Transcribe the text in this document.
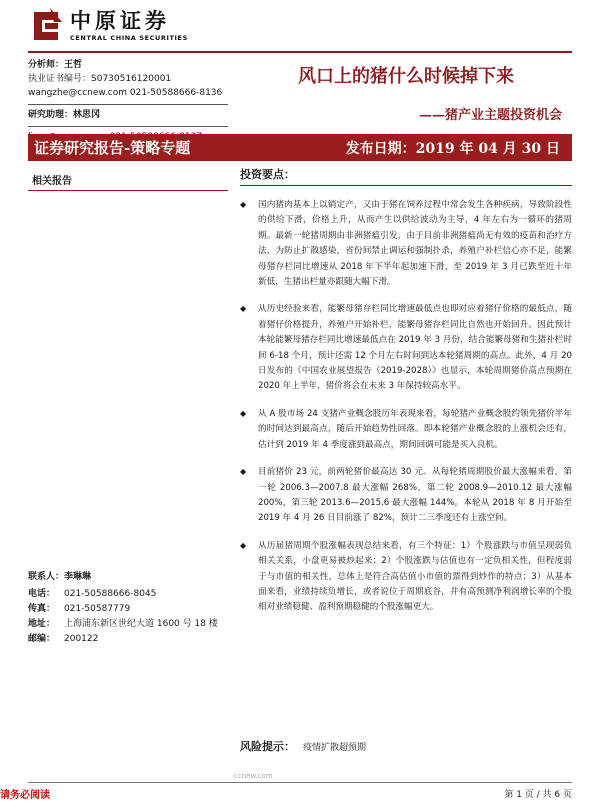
中原证券
CENTRAL CHINA SECURITIES
分析师：王哲
执业证书编号：S0730516120001
wangzhe@ccnew.com 021-50588666-8136
研究助理：林思冈
风口上的猪什么时候掉下来
——猪产业主题投资机会
证券研究报告-策略专题	发布日期：2019 年 04 月 30 日
相关报告
联系人：李琳琳
电话： 021-50588666-8045
传真： 021-50587779
地址： 上海浦东新区世纪大道 1600 号 18 楼
邮编： 200122
投资要点：
◆	国内猪肉基本上以销定产，又由于猪在饲养过程中常会发生各种疾病，导致阶段性的供给下滑，价格上升，从而产生以供给波动为主导，4 年左右为一循环的猪周期。最新一轮猪周期由非洲猪瘟引发，由于目前非洲猪瘟尚无有效的疫苗和治疗方法，为防止扩散感染，省份间禁止调运和强制扑杀，养殖户补栏信心亦不足，能繁母猪存栏同比增速从 2018 年下半年起加速下滑，至 2019 年 3 月已跌至近十年新低，生猪出栏量亦跟随大幅下滑。
◆	从历史经验来看，能繁母猪存栏同比增速最低点也即对应着猪仔价格的最低点，随着猪仔价格提升，养殖户开始补栏，能繁母猪存栏同比自然也开始回升。因此预计本轮能繁母猪存栏同比增速最低点在 2019 年 3 月份，结合能繁母猪和生猪补栏时间 6-18 个月，预计还需 12 个月左右时间到达本轮猪周期的高点。此外，4 月 20 日发布的《中国农业展望报告（2019-2028）》也显示，本轮周期猪价高点预期在 2020 年上半年，猪价将会在未来 3 年保持较高水平。
◆	从 A 股市场 24 支猪产业概念股历年表现来看，每轮猪产业概念股约领先猪价半年的时间达到最高点，随后开始趋势性回落。即本轮猪产业概念股的上涨机会还有，估计到 2019 年 4 季度涨到最高点，期间回调可能是买入良机。
◆	目前猪价 23 元，前两轮猪价最高达 30 元。从每轮猪周期股价最大涨幅来看，第一轮 2006.3—2007.8 最大涨幅 268%，第二轮 2008.9—2010.12 最大涨幅 200%，第三轮 2013.6—2015.6 最大涨幅 144%。本轮从 2018 年 8 月开始至 2019 年 4 月 26 日目前涨了 82%，预计二三季度还有上涨空间。
◆	从历届猪周期个股涨幅表现总结来看，有三个特征：1）个股涨跌与市值呈现弱负相关关系，小盘更易被炒起来；2）个股涨跌与估值也有一定负相关性，但程度弱于与市值的相关性，总体上是符合高估值小市值的票得到炒作的特点；3）从基本面来看，业绩持续负增长，或者说位于周期底谷，并有高预测净利润增长率的个股相对业绩稳健、盈利预期稳健的个股涨幅更大。
风险提示： 疫情扩散超预期
ccnew.com
第 1 页 / 共 6 页
请务必阅读
